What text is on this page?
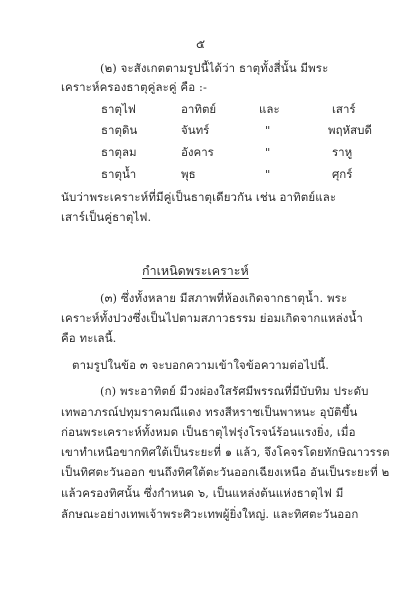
๕
(๒) จะสังเกตตามรูปนี้ได้ว่า ธาตุทั้งสี่นั้น มีพระ
เคราะห์ครองธาตุคู่ละคู่ คือ :-
ธาตุไฟ	อาทิตย์	และ	เสาร์
ธาตุดิน	จันทร์	"	พฤหัสบดี
ธาตุลม	อังคาร	"	ราหู
ธาตุน้ำ	พุธ	"	ศุกร์
นับว่าพระเคราะห์ที่มีคู่เป็นธาตุเดียวกัน เช่น อาทิตย์และ
เสาร์เป็นคู่ธาตุไฟ.
กำเหนิดพระเคราะห์
(๓) ซึ่งทั้งหลาย มีสภาพที่ห้องเกิดจากธาตุน้ำ. พระ
เคราะห์ทั้งปวงซึ่งเป็นไปตามสภาวธรรม ย่อมเกิดจากแหล่งน้ำ
คือ ทะเลนี้.
ตามรูปในข้อ ๓ จะบอกความเข้าใจข้อความต่อไปนี้.
(ก) พระอาทิตย์ มีวงผ่องใสรัศมีพรรณที่มีบับทิม ประดับ
เทพอาภรณ์ปทุมราคมณีแดง ทรงสีหราชเป็นพาหนะ อุบัติขึ้น
ก่อนพระเคราะห์ทั้งหมด เป็นธาตุไฟรุ่งโรจน์ร้อนแรงยิ่ง, เมื่อ
เขาทำเหนือขากทิศใต้เป็นระยะที่ ๑ แล้ว, จึงโคจรโดยทักษิณาวรรต
เป็นทิศตะวันออก ขนถึงทิศใต้ตะวันออกเฉียงเหนือ อันเป็นระยะที่ ๒
แล้วครองทิศนั้น ซึ่งกำหนด ๖, เป็นแหล่งต้นแห่งธาตุไฟ มี
ลักษณะอย่างเทพเจ้าพระศิวะเทพผู้ยิ่งใหญ่. และทิศตะวันออก
